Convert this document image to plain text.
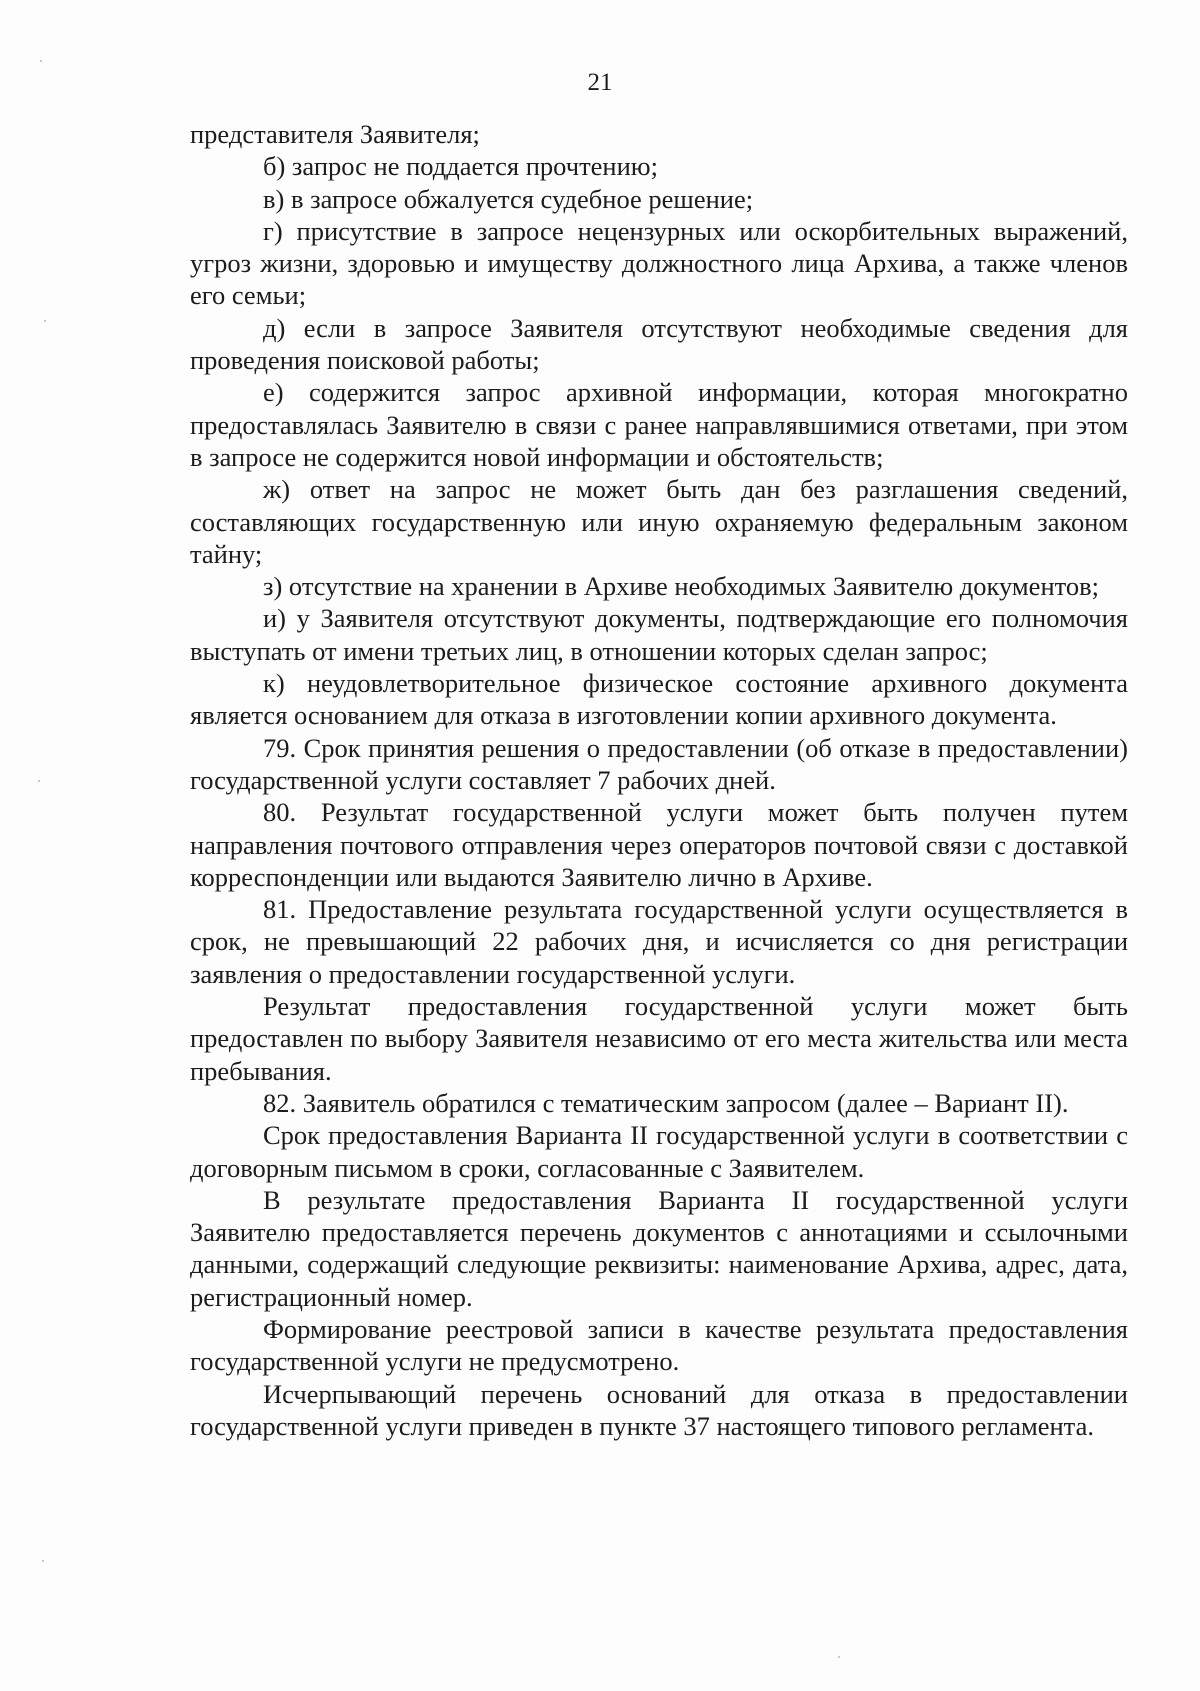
21

представителя Заявителя;

б) запрос не поддается прочтению;

в) в запросе обжалуется судебное решение;

г) присутствие в запросе нецензурных или оскорбительных выражений, угроз жизни, здоровью и имуществу должностного лица Архива, а также членов его семьи;

д) если в запросе Заявителя отсутствуют необходимые сведения для проведения поисковой работы;

е) содержится запрос архивной информации, которая многократно предоставлялась Заявителю в связи с ранее направлявшимися ответами, при этом в запросе не содержится новой информации и обстоятельств;

ж) ответ на запрос не может быть дан без разглашения сведений, составляющих государственную или иную охраняемую федеральным законом тайну;

з) отсутствие на хранении в Архиве необходимых Заявителю документов;

и) у Заявителя отсутствуют документы, подтверждающие его полномочия выступать от имени третьих лиц, в отношении которых сделан запрос;

к) неудовлетворительное физическое состояние архивного документа является основанием для отказа в изготовлении копии архивного документа.

79. Срок принятия решения о предоставлении (об отказе в предоставлении) государственной услуги составляет 7 рабочих дней.

80. Результат государственной услуги может быть получен путем направления почтового отправления через операторов почтовой связи с доставкой корреспонденции или выдаются Заявителю лично в Архиве.

81. Предоставление результата государственной услуги осуществляется в срок, не превышающий 22 рабочих дня, и исчисляется со дня регистрации заявления о предоставлении государственной услуги.

Результат предоставления государственной услуги может быть предоставлен по выбору Заявителя независимо от его места жительства или места пребывания.

82. Заявитель обратился с тематическим запросом (далее – Вариант II).

Срок предоставления Варианта II государственной услуги в соответствии с договорным письмом в сроки, согласованные с Заявителем.

В результате предоставления Варианта II государственной услуги Заявителю предоставляется перечень документов с аннотациями и ссылочными данными, содержащий следующие реквизиты: наименование Архива, адрес, дата, регистрационный номер.

Формирование реестровой записи в качестве результата предоставления государственной услуги не предусмотрено.

Исчерпывающий перечень оснований для отказа в предоставлении государственной услуги приведен в пункте 37 настоящего типового регламента.
